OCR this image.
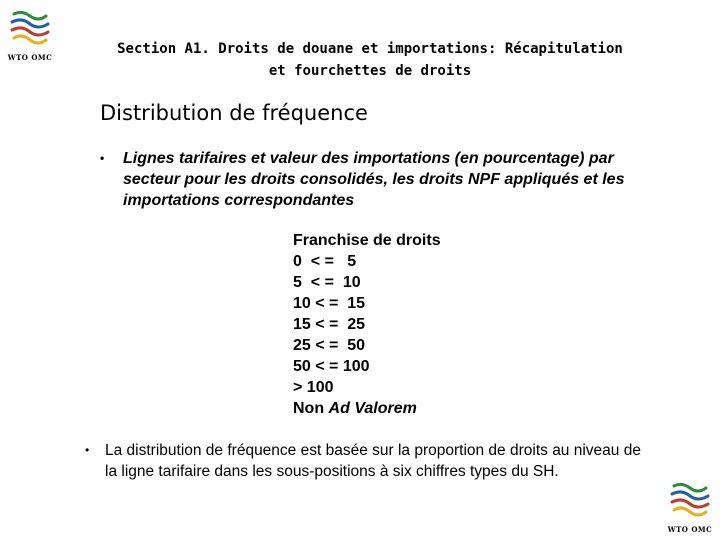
WTO OMC
Section A1. Droits de douane et importations: Récapitulation
et fourchettes de droits
Distribution de fréquence
•	Lignes tarifaires et valeur des importations (en pourcentage) par secteur pour les droits consolidés, les droits NPF appliqués et les importations correspondantes
Franchise de droits
0  < =   5
5  < =  10
10 < =  15
15 < =  25
25 < =  50
50 < = 100
> 100
Non Ad Valorem
•	La distribution de fréquence est basée sur la proportion de droits au niveau de la ligne tarifaire dans les sous-positions à six chiffres types du SH.
WTO OMC
